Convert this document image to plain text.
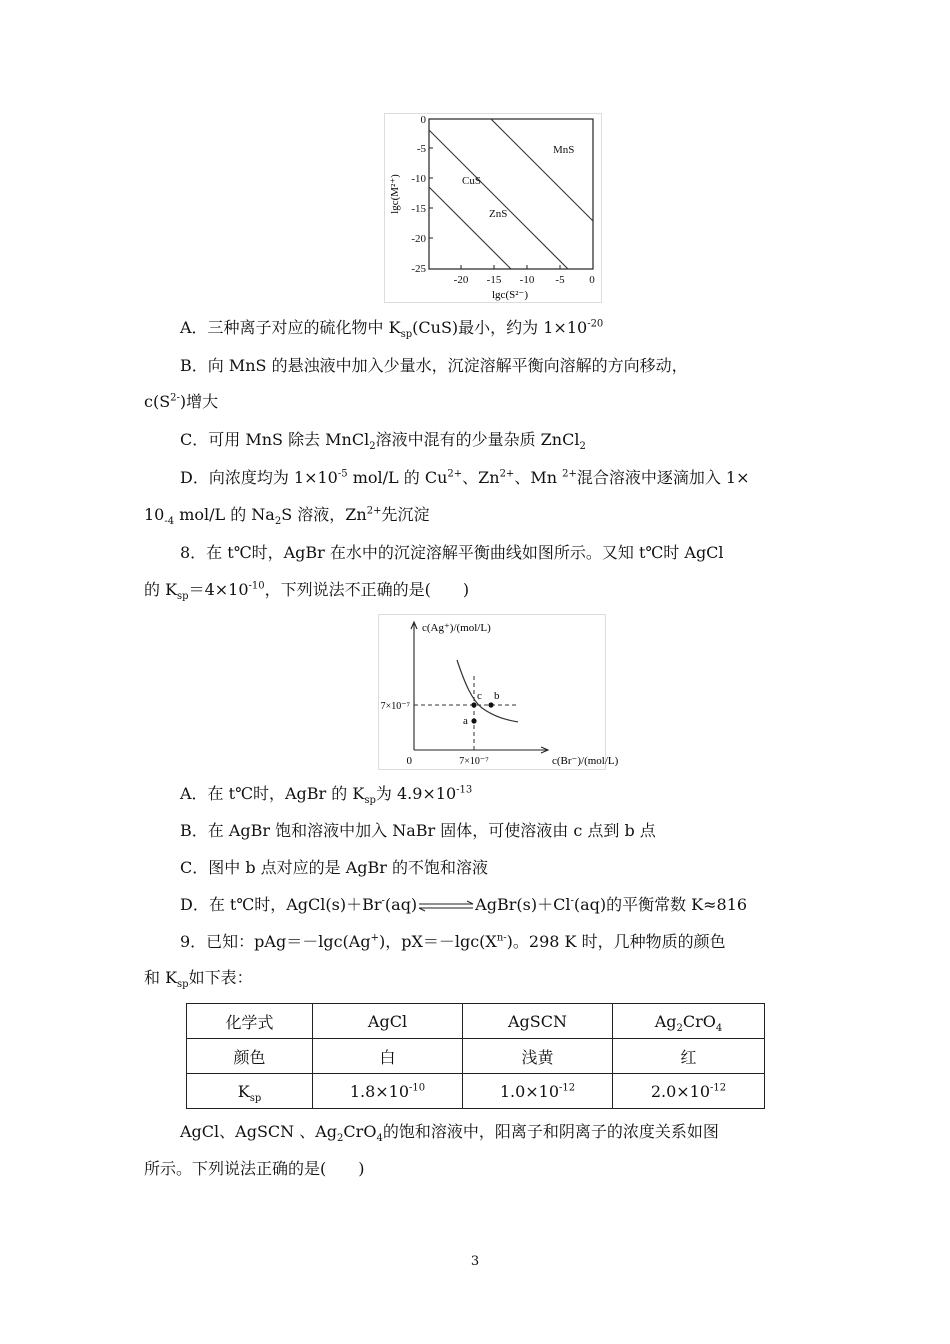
0
-5
-10
-15
-20
-25
-20 -15 -10 -5 0
lgc(S²⁻)
lgc(M²⁺)	CuS
ZnS
MnS
A．三种离子对应的硫化物中 $K_{sp}(CuS)$最小，约为 $1\times 10^{-20}$
B．向 MnS 的悬浊液中加入少量水，沉淀溶解平衡向溶解的方向移动，
$c(S^{2-})$增大
C．可用 MnS 除去 MnCl$_2$溶液中混有的少量杂质 ZnCl$_2$
D．向浓度均为 $1\times 10^{-5}$ mol/L 的 $Cu^{2+}$、$Zn^{2+}$、Mn $^{2+}$混合溶液中逐滴加入 1×
$10_{-4}$ mol/L 的 $Na_2S$ 溶液，$Zn^{2+}$先沉淀
8．在 t℃时，AgBr 在水中的沉淀溶解平衡曲线如图所示。又知 t℃时 AgCl
的 $K_{sp}=4\times 10^{-10}$，下列说法不正确的是(　　)
c(Ag⁺)/(mol/L)
c(Br⁻)/(mol/L)
0
7×10⁻⁷
7×10⁻⁷
c b
a
A．在 t℃时，AgBr 的 $K_{sp}$为 $4.9\times 10^{-13}$
B．在 AgBr 饱和溶液中加入 NaBr 固体，可使溶液由 c 点到 b 点
C．图中 b 点对应的是 AgBr 的不饱和溶液
D．在 t℃时，AgCl(s)＋Br-(aq)⇌AgBr(s)＋Cl-(aq)的平衡常数 K≈816
9．已知：pAg＝－lgc(Ag+)，$pX=-\lg c(X^{n-})$。298 K 时，几种物质的颜色
和 $K_{sp}$如下表：
化学式	AgCl	AgSCN	$Ag_2CrO_4$
颜色	白	浅黄	红
$K_{sp}$	$1.8\times 10^{-10}$	$1.0\times 10^{-12}$	$2.0\times 10^{-12}$
AgCl、AgSCN 、$Ag_2CrO_4$的饱和溶液中，阳离子和阴离子的浓度关系如图
所示。下列说法正确的是(　　)
3
